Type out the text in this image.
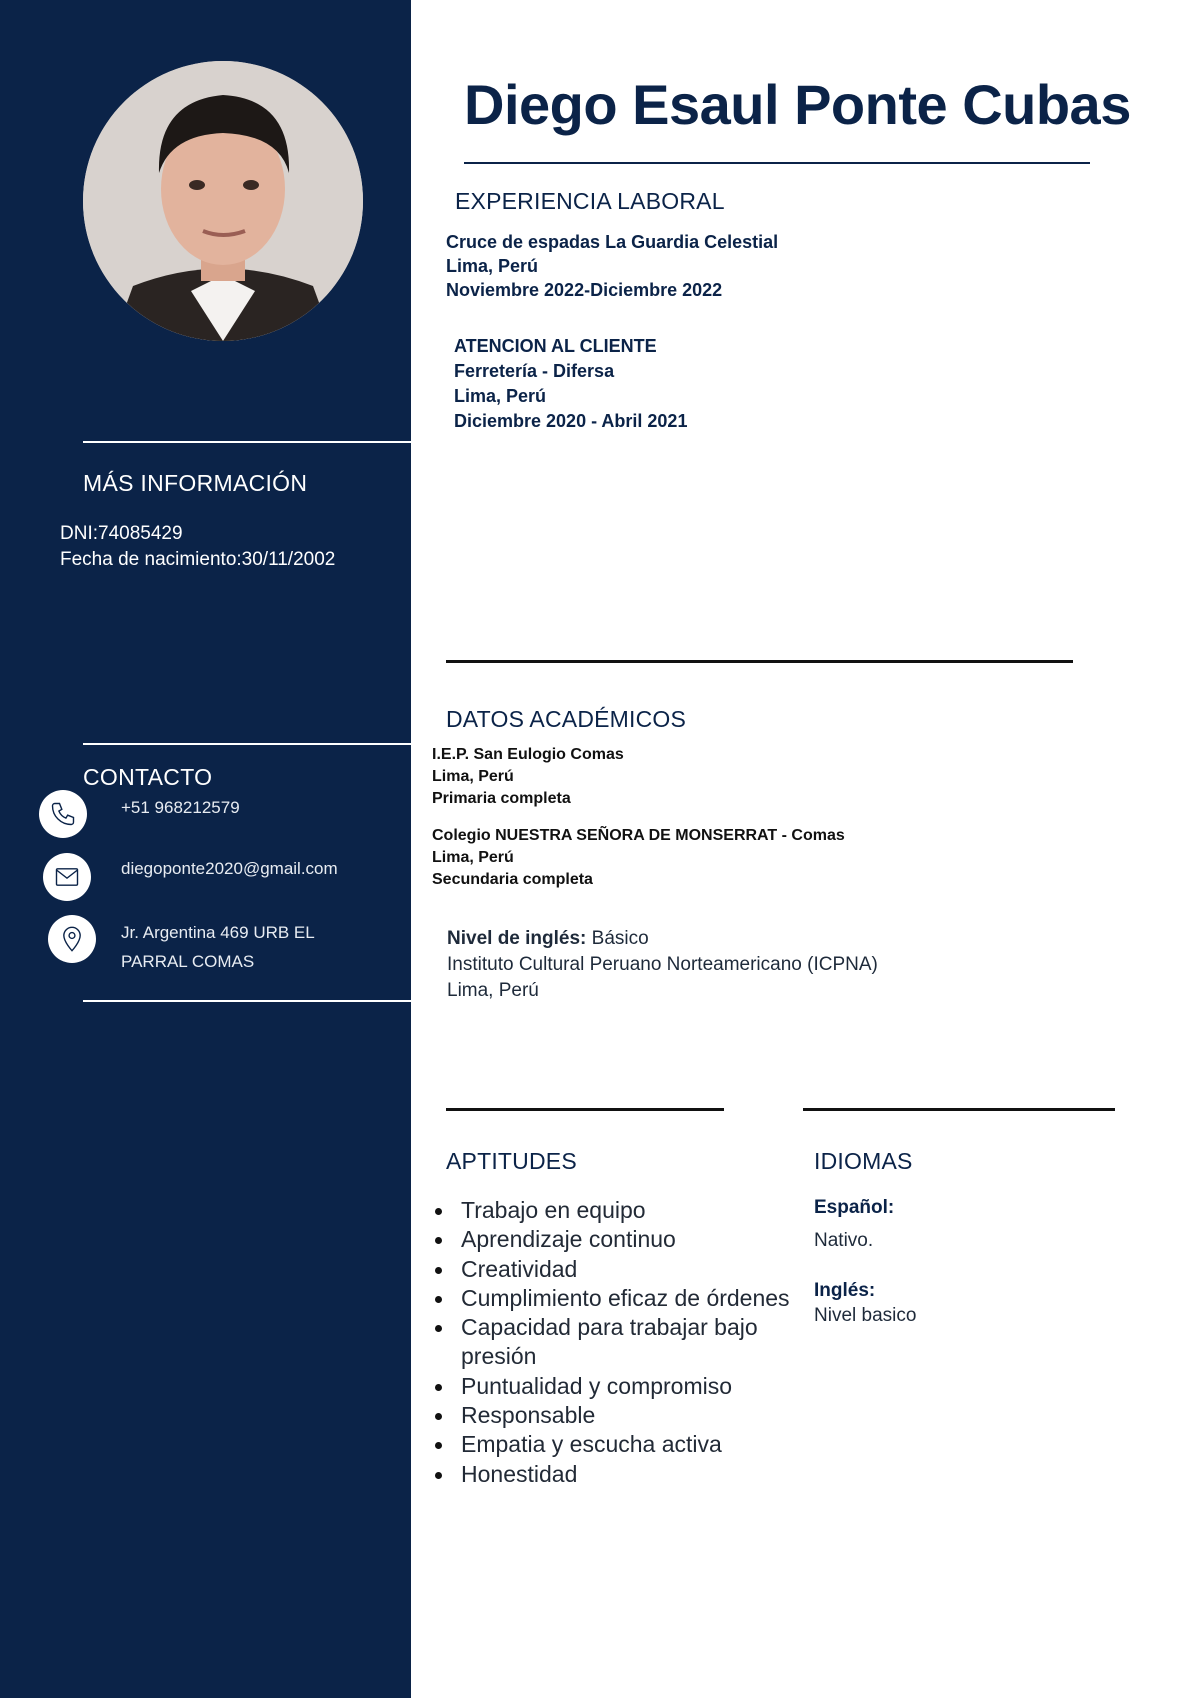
MÁS INFORMACIÓN
DNI:74085429
Fecha de nacimiento:30/11/2002
CONTACTO
+51 968212579
diegoponte2020@gmail.com
Jr. Argentina 469 URB EL
PARRAL COMAS
Diego Esaul Ponte Cubas
EXPERIENCIA LABORAL
Cruce de espadas La Guardia Celestial
Lima, Perú
Noviembre 2022-Diciembre 2022
ATENCION AL CLIENTE
Ferretería - Difersa
Lima, Perú
Diciembre 2020 - Abril 2021
DATOS ACADÉMICOS
I.E.P. San Eulogio Comas
Lima, Perú
Primaria completa
Colegio NUESTRA SEÑORA DE MONSERRAT - Comas
Lima, Perú
Secundaria completa
Nivel de inglés: Básico
Instituto Cultural Peruano Norteamericano (ICPNA)
Lima, Perú
APTITUDES
Trabajo en equipo
Aprendizaje continuo
Creatividad
Cumplimiento eficaz de órdenes
Capacidad para trabajar bajo presión
Puntualidad y compromiso
Responsable
Empatia y escucha activa
Honestidad
IDIOMAS
Español:
Nativo.
Inglés:
Nivel basico
